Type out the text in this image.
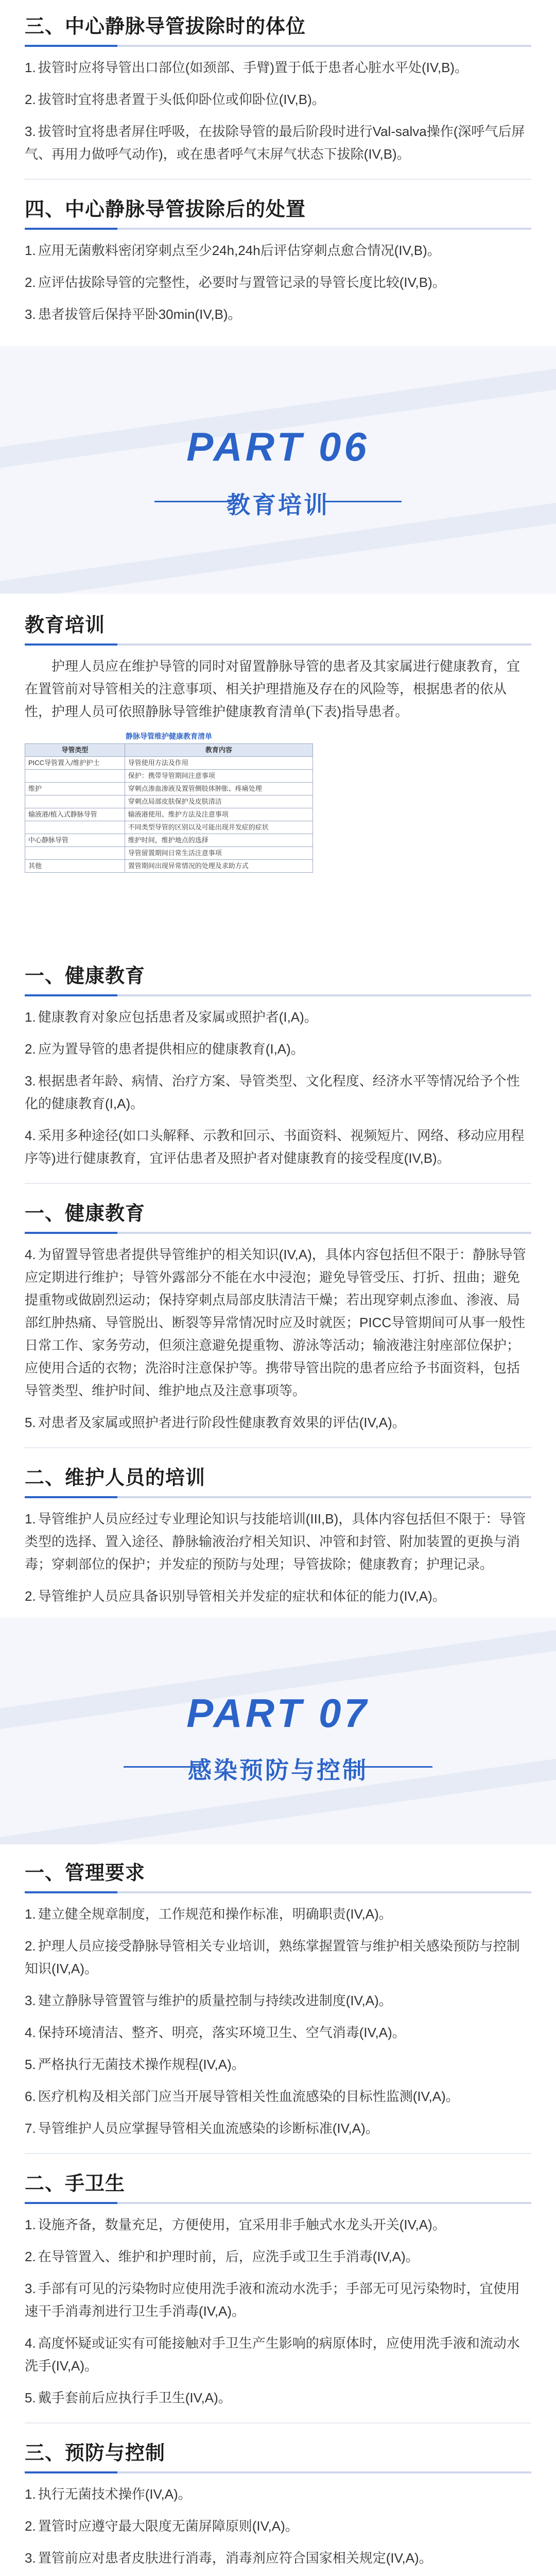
三、中心静脉导管拔除时的体位
1. 拔管时应将导管出口部位(如颈部、手臂)置于低于患者心脏水平处(IV,B)。
2. 拔管时宜将患者置于头低仰卧位或仰卧位(IV,B)。
3. 拔管时宜将患者屏住呼吸，在拔除导管的最后阶段时进行Val-salva操作(深呼气后屏气、再用力做呼气动作)，或在患者呼气末屏气状态下拔除(IV,B)。
四、中心静脉导管拔除后的处置
1. 应用无菌敷料密闭穿刺点至少24h,24h后评估穿刺点愈合情况(IV,B)。
2. 应评估拔除导管的完整性，必要时与置管记录的导管长度比较(IV,B)。
3. 患者拔管后保持平卧30min(IV,B)。
PART 06
教育培训
教育培训

护理人员应在维护导管的同时对留置静脉导管的患者及其家属进行健康教育，宜在置管前对导管相关的注意事项、相关护理措施及存在的风险等，根据患者的依从性，护理人员可依照静脉导管维护健康教育清单(下表)指导患者。

静脉导管维护健康教育清单
导管类型	教育内容
PICC导管置入/维护护士	导管使用方法及作用
	保护：携带导管期间注意事项
维护	穿刺点渗血渗液及置管侧肢体肿胀、疼痛处理
	穿刺点局部皮肤保护及皮肤清洁
输液港/植入式静脉导管	输液港使用、维护方法及注意事项
	不同类型导管的区别以及可能出现并发症的症状
中心静脉导管	维护时间，维护地点的选择
	导管留置期间日常生活注意事项
其他	置管期间出现异常情况的处理及求助方式
一、健康教育
1. 健康教育对象应包括患者及家属或照护者(I,A)。
2. 应为置导管的患者提供相应的健康教育(I,A)。
3. 根据患者年龄、病情、治疗方案、导管类型、文化程度、经济水平等情况给予个性化的健康教育(I,A)。
4. 采用多种途径(如口头解释、示教和回示、书面资料、视频短片、网络、移动应用程序等)进行健康教育，宜评估患者及照护者对健康教育的接受程度(IV,B)。
一、健康教育
4. 为留置导管患者提供导管维护的相关知识(IV,A)，具体内容包括但不限于：静脉导管应定期进行维护；导管外露部分不能在水中浸泡；避免导管受压、打折、扭曲；避免提重物或做剧烈运动；保持穿刺点局部皮肤清洁干燥；若出现穿刺点渗血、渗液、局部红肿热痛、导管脱出、断裂等异常情况时应及时就医；PICC导管期间可从事一般性日常工作、家务劳动，但须注意避免提重物、游泳等活动；输液港注射座部位保护；应使用合适的衣物；洗浴时注意保护等。携带导管出院的患者应给予书面资料，包括导管类型、维护时间、维护地点及注意事项等。
5. 对患者及家属或照护者进行阶段性健康教育效果的评估(IV,A)。
二、维护人员的培训
1. 导管维护人员应经过专业理论知识与技能培训(III,B)，具体内容包括但不限于：导管类型的选择、置入途径、静脉输液治疗相关知识、冲管和封管、附加装置的更换与消毒；穿刺部位的保护；并发症的预防与处理；导管拔除；健康教育；护理记录。
2. 导管维护人员应具备识别导管相关并发症的症状和体征的能力(IV,A)。
PART 07
感染预防与控制
一、管理要求
1. 建立健全规章制度，工作规范和操作标准，明确职责(IV,A)。
2. 护理人员应接受静脉导管相关专业培训，熟练掌握置管与维护相关感染预防与控制知识(IV,A)。
3. 建立静脉导管置管与维护的质量控制与持续改进制度(IV,A)。
4. 保持环境清洁、整齐、明亮，落实环境卫生、空气消毒(IV,A)。
5. 严格执行无菌技术操作规程(IV,A)。
6. 医疗机构及相关部门应当开展导管相关性血流感染的目标性监测(IV,A)。
7. 导管维护人员应掌握导管相关血流感染的诊断标准(IV,A)。
二、手卫生
1. 设施齐备，数量充足，方便使用，宜采用非手触式水龙头开关(IV,A)。
2. 在导管置入、维护和护理时前，后，应洗手或卫生手消毒(IV,A)。
3. 手部有可见的污染物时应使用洗手液和流动水洗手；手部无可见污染物时，宜使用速干手消毒剂进行卫生手消毒(IV,A)。
4. 高度怀疑或证实有可能接触对手卫生产生影响的病原体时，应使用洗手液和流动水洗手(IV,A)。
5. 戴手套前后应执行手卫生(IV,A)。
三、预防与控制
1. 执行无菌技术操作(IV,A)。
2. 置管时应遵守最大限度无菌屏障原则(IV,A)。
3. 置管前应对患者皮肤进行消毒，消毒剂应符合国家相关规定(IV,A)。
